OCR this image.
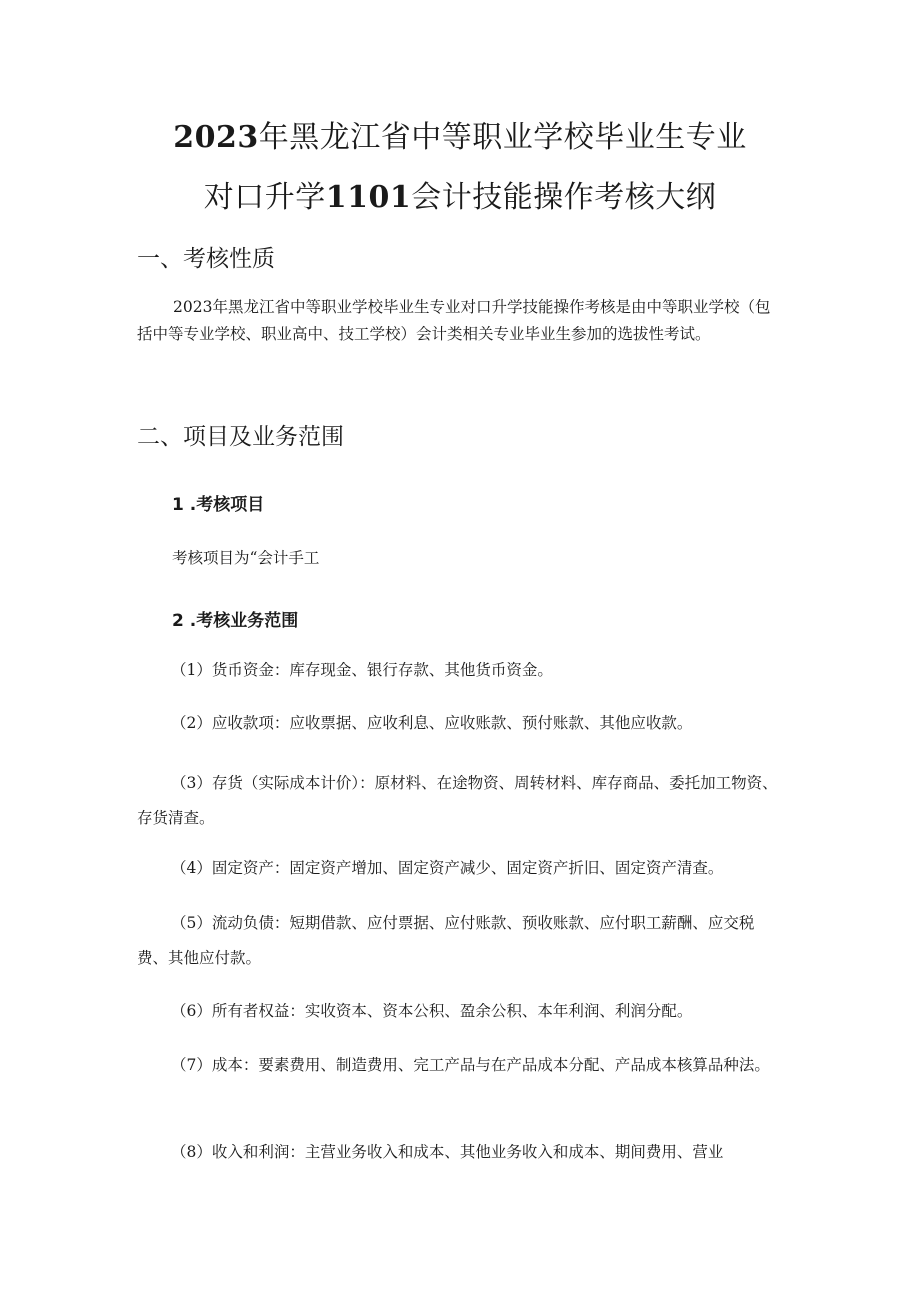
2023年黑龙江省中等职业学校毕业生专业
对口升学1101会计技能操作考核大纲
一、考核性质
2023年黑龙江省中等职业学校毕业生专业对口升学技能操作考核是由中等职业学校（包括中等专业学校、职业高中、技工学校）会计类相关专业毕业生参加的选拔性考试。
二、项目及业务范围
1 .考核项目
考核项目为“会计手工
2 .考核业务范围
（1）货币资金：库存现金、银行存款、其他货币资金。
（2）应收款项：应收票据、应收利息、应收账款、预付账款、其他应收款。
（3）存货（实际成本计价）：原材料、在途物资、周转材料、库存商品、委托加工物资、存货清查。
（4）固定资产：固定资产增加、固定资产减少、固定资产折旧、固定资产清查。
（5）流动负债：短期借款、应付票据、应付账款、预收账款、应付职工薪酬、应交税费、其他应付款。
（6）所有者权益：实收资本、资本公积、盈余公积、本年利润、利润分配。
（7）成本：要素费用、制造费用、完工产品与在产品成本分配、产品成本核算品种法。
（8）收入和利润：主营业务收入和成本、其他业务收入和成本、期间费用、营业
